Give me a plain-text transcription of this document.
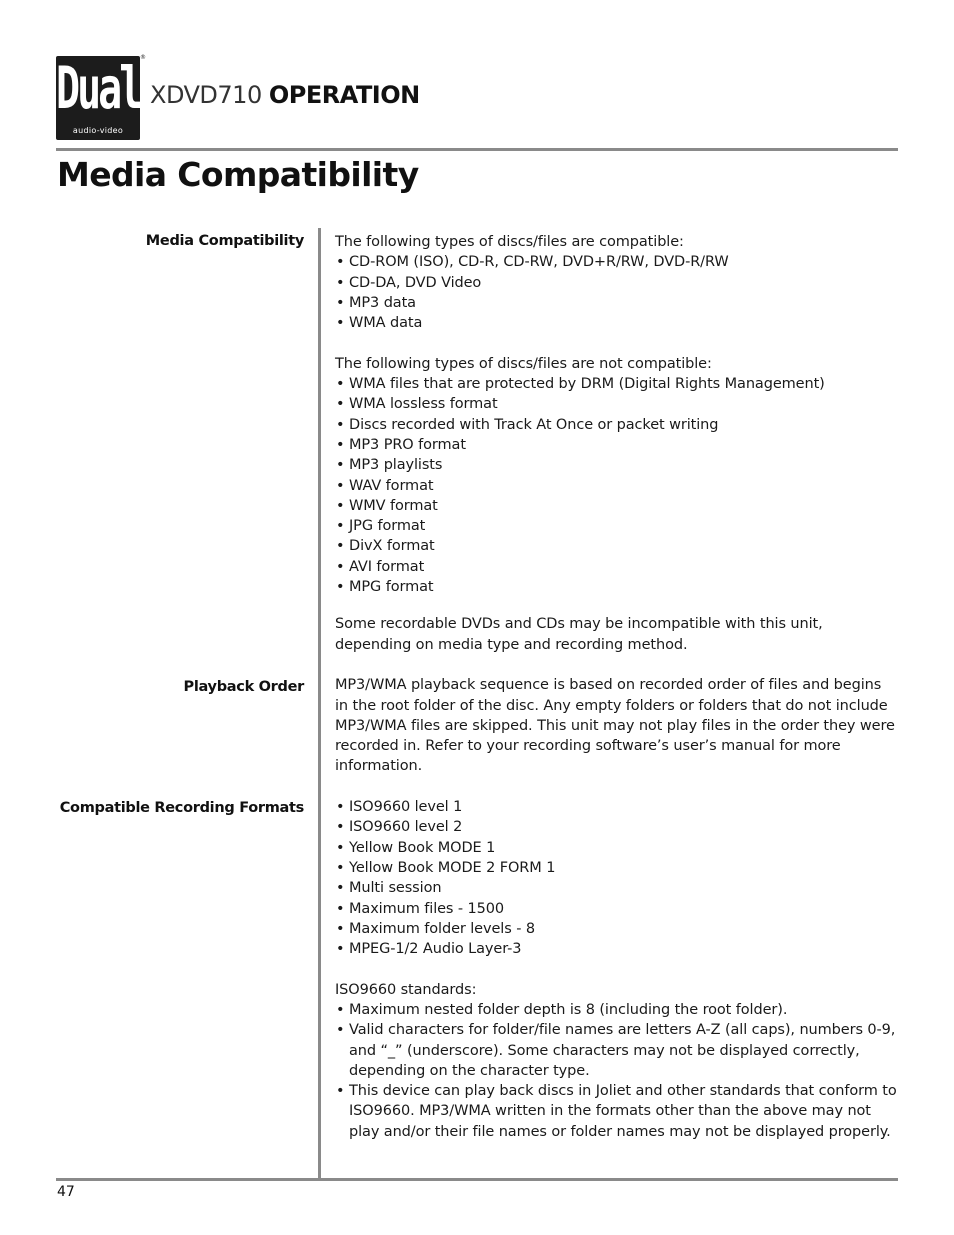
Dual
audio-video
®
XDVD710 OPERATION
Media Compatibility
Media Compatibility
Playback Order
Compatible Recording Formats

The following types of discs/files are compatible:

• CD-ROM (ISO), CD-R, CD-RW, DVD+R/RW, DVD-R/RW
• CD-DA, DVD Video
• MP3 data
• WMA data

The following types of discs/files are not compatible:

• WMA files that are protected by DRM (Digital Rights Management)
• WMA lossless format
• Discs recorded with Track At Once or packet writing
• MP3 PRO format
• MP3 playlists
• WAV format
• WMV format
• JPG format
• DivX format
• AVI format
• MPG format

Some recordable DVDs and CDs may be incompatible with this unit, depending on media type and recording method.

MP3/WMA playback sequence is based on recorded order of files and begins in the root folder of the disc. Any empty folders or folders that do not include MP3/WMA files are skipped. This unit may not play files in the order they were recorded in. Refer to your recording software’s user’s manual for more information.

• ISO9660 level 1
• ISO9660 level 2
• Yellow Book MODE 1
• Yellow Book MODE 2 FORM 1
• Multi session
• Maximum files - 1500
• Maximum folder levels - 8
• MPEG-1/2 Audio Layer-3

ISO9660 standards:

• Maximum nested folder depth is 8 (including the root folder).
• Valid characters for folder/file names are letters A-Z (all caps), numbers 0-9, and “_” (underscore). Some characters may not be displayed correctly, depending on the character type.
• This device can play back discs in Joliet and other standards that conform to ISO9660. MP3/WMA written in the formats other than the above may not play and/or their file names or folder names may not be displayed properly.
47
